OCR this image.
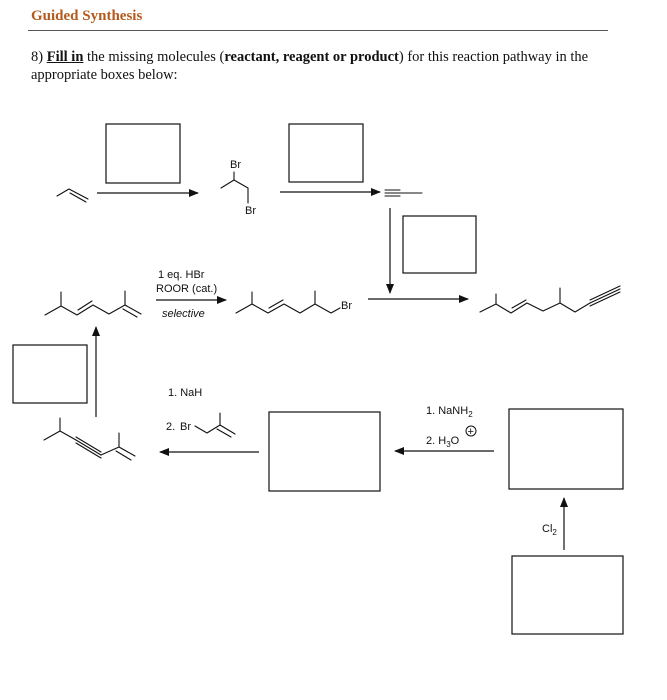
Guided Synthesis
8) Fill in the missing molecules (reactant, reagent or product) for this reaction pathway in the appropriate boxes below:
Br
Br
Br
1 eq. HBr
ROOR (cat.)
selective
1. NaH
2. Br
1. NaNH$_2$
2. $H_3O$
+
$Cl_2$
